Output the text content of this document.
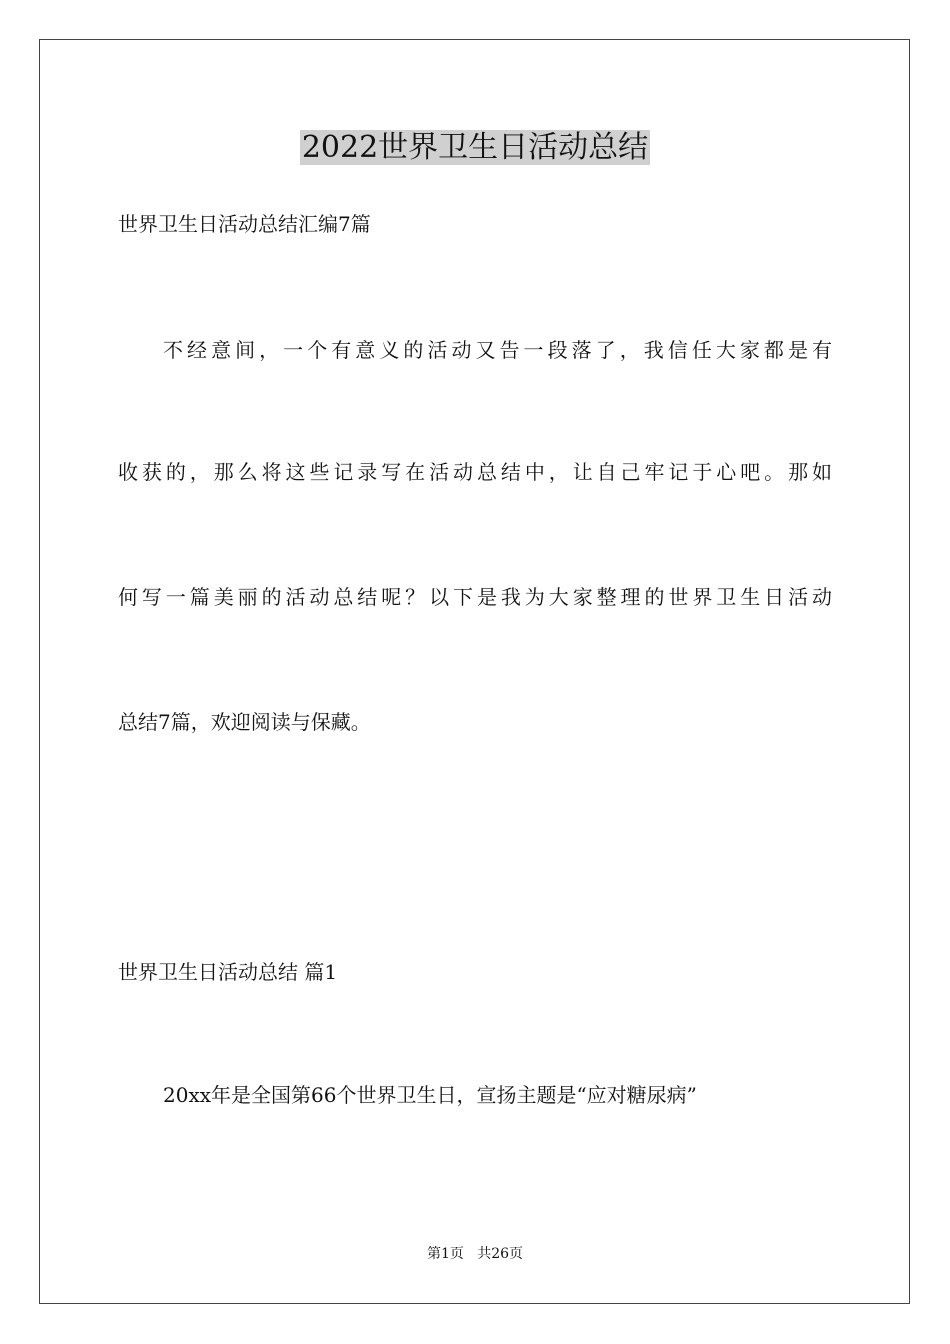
2022世界卫生日活动总结
世界卫生日活动总结汇编7篇
不经意间，一个有意义的活动又告一段落了，我信任大家都是有
收获的，那么将这些记录写在活动总结中，让自己牢记于心吧。那如
何写一篇美丽的活动总结呢？以下是我为大家整理的世界卫生日活动
总结7篇，欢迎阅读与保藏。
世界卫生日活动总结 篇1
20xx年是全国第66个世界卫生日，宣扬主题是“应对糖尿病”
第1页   共26页
